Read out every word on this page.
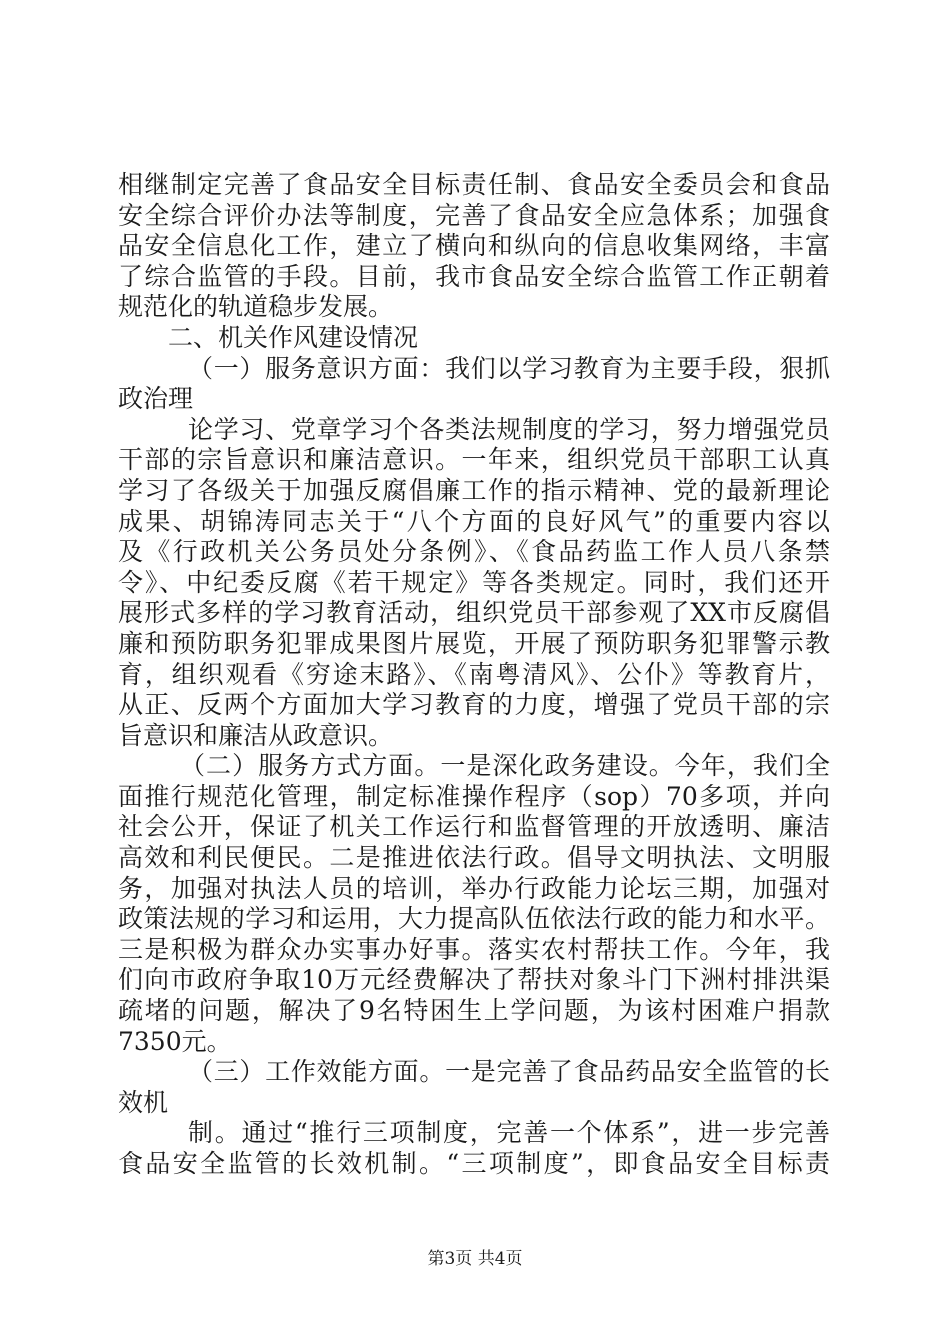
相继制定完善了食品安全目标责任制、食品安全委员会和食品
安全综合评价办法等制度，完善了食品安全应急体系；加强食
品安全信息化工作，建立了横向和纵向的信息收集网络，丰富
了综合监管的手段。目前，我市食品安全综合监管工作正朝着
规范化的轨道稳步发展。
二、机关作风建设情况
（一）服务意识方面：我们以学习教育为主要手段，狠抓
政治理
论学习、党章学习个各类法规制度的学习，努力增强党员
干部的宗旨意识和廉洁意识。一年来，组织党员干部职工认真
学习了各级关于加强反腐倡廉工作的指示精神、党的最新理论
成果、胡锦涛同志关于“八个方面的良好风气”的重要内容以
及《行政机关公务员处分条例》、《食品药监工作人员八条禁
令》、中纪委反腐《若干规定》等各类规定。同时，我们还开
展形式多样的学习教育活动，组织党员干部参观了XX市反腐倡
廉和预防职务犯罪成果图片展览，开展了预防职务犯罪警示教
育，组织观看《穷途末路》、《南粤清风》、公仆》等教育片，
从正、反两个方面加大学习教育的力度，增强了党员干部的宗
旨意识和廉洁从政意识。
（二）服务方式方面。一是深化政务建设。今年，我们全
面推行规范化管理，制定标准操作程序（sop）70多项，并向
社会公开，保证了机关工作运行和监督管理的开放透明、廉洁
高效和利民便民。二是推进依法行政。倡导文明执法、文明服
务，加强对执法人员的培训，举办行政能力论坛三期，加强对
政策法规的学习和运用，大力提高队伍依法行政的能力和水平。
三是积极为群众办实事办好事。落实农村帮扶工作。今年，我
们向市政府争取10万元经费解决了帮扶对象斗门下洲村排洪渠
疏堵的问题，解决了9名特困生上学问题，为该村困难户捐款
7350元。
（三）工作效能方面。一是完善了食品药品安全监管的长
效机
制。通过“推行三项制度，完善一个体系”，进一步完善
食品安全监管的长效机制。“三项制度”，即食品安全目标责
第3页 共4页
